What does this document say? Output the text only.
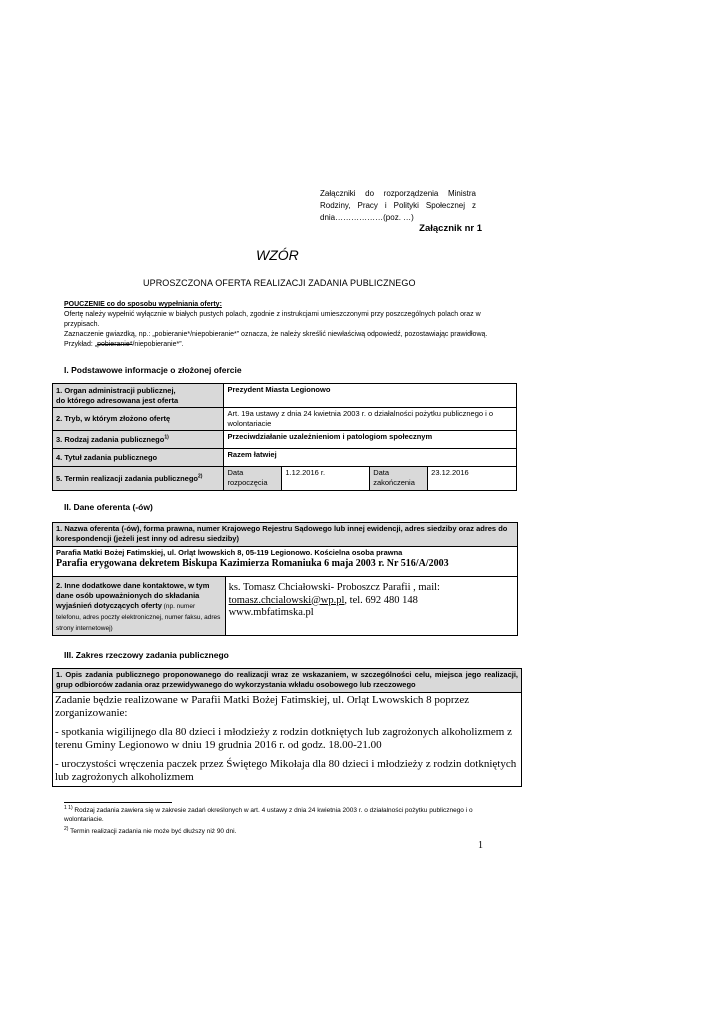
Załączniki do rozporządzenia Ministra Rodziny, Pracy i Polityki Społecznej z dnia………………(poz. …)
Załącznik nr 1
WZÓR
UPROSZCZONA OFERTA REALIZACJI ZADANIA PUBLICZNEGO
POUCZENIE co do sposobu wypełniania oferty:
Ofertę należy wypełnić wyłącznie w białych pustych polach, zgodnie z instrukcjami umieszczonymi przy poszczególnych polach oraz w przypisach.
Zaznaczenie gwiazdką, np.: „pobieranie*/niepobieranie*” oznacza, że należy skreślić niewłaściwą odpowiedź, pozostawiając prawidłową. Przykład: „pobieranie*/niepobieranie*”.
I. Podstawowe informacje o złożonej ofercie
1. Organ administracji publicznej,
do którego adresowana jest oferta	Prezydent Miasta Legionowo			
2. Tryb, w którym złożono ofertę	Art. 19a ustawy z dnia 24 kwietnia 2003 r. o działalności pożytku publicznego i o wolontariacie			
3. Rodzaj zadania publicznego$^{1)}$	Przeciwdziałanie uzależnieniom i patologiom społecznym			
4. Tytuł zadania publicznego	Razem łatwiej			
5. Termin realizacji zadania publicznego$^{2)}$	Data rozpoczęcia	1.12.2016 r.	Data zakończenia	23.12.2016
II. Dane oferenta (-ów)
1. Nazwa oferenta (-ów), forma prawna, numer Krajowego Rejestru Sądowego lub innej ewidencji, adres siedziby oraz adres do korespondencji (jeżeli jest inny od adresu siedziby)

Parafia Matki Bożej Fatimskiej, ul. Orląt lwowskich 8, 05-119 Legionowo. Kościelna osoba prawna
Parafia erygowana dekretem Biskupa Kazimierza Romaniuka 6 maja 2003 r. Nr 516/A/2003

2. Inne dodatkowe dane kontaktowe, w tym dane osób upoważnionych do składania wyjaśnień dotyczących oferty (np. numer telefonu, adres poczty elektronicznej, numer faksu, adres strony internetowej)	
ks. Tomasz Chciałowski- Proboszcz Parafii , mail:
tomasz.chcialowski@wp.pl, tel. 692 480 148
www.mbfatimska.pl
III. Zakres rzeczowy zadania publicznego
1. Opis zadania publicznego proponowanego do realizacji wraz ze wskazaniem, w szczególności celu, miejsca jego realizacji, grup odbiorców zadania oraz przewidywanego do wykorzystania wkładu osobowego lub rzeczowego

Zadanie będzie realizowane w Parafii Matki Bożej Fatimskiej, ul. Orląt Lwowskich 8 poprzez zorganizowanie:
- spotkania wigilijnego dla 80 dzieci i młodzieży z rodzin dotkniętych lub zagrożonych alkoholizmem z terenu Gminy Legionowo w dniu 19 grudnia 2016 r. od godz. 18.00-21.00
- uroczystości wręczenia paczek przez Świętego Mikołaja dla 80 dzieci i młodzieży z rodzin dotkniętych lub zagrożonych alkoholizmem
$^{1 1)}$ Rodzaj zadania zawiera się w zakresie zadań określonych w art. 4 ustawy z dnia 24 kwietnia 2003 r. o działalności pożytku publicznego i o wolontariacie.
$^{2)}$ Termin realizacji zadania nie może być dłuższy niż 90 dni.
1
